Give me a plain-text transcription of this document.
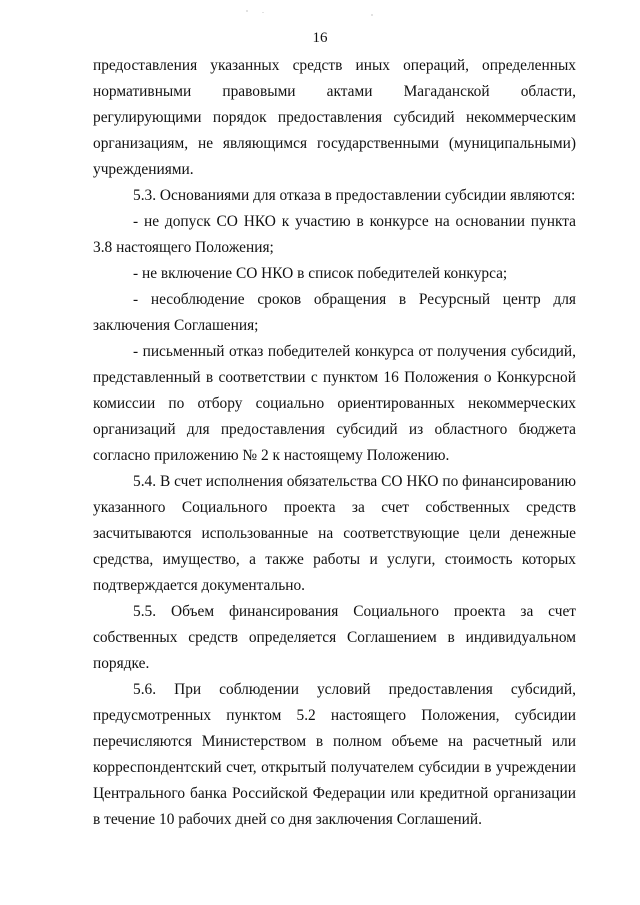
16

предоставления указанных средств иных операций, определенных нормативными правовыми актами Магаданской области, регулирующими порядок предоставления субсидий некоммерческим организациям, не являющимся государственными (муниципальными) учреждениями.

5.3. Основаниями для отказа в предоставлении субсидии являются:

- не допуск СО НКО к участию в конкурсе на основании пункта 3.8 настоящего Положения;

- не включение СО НКО в список победителей конкурса;

- несоблюдение сроков обращения в Ресурсный центр для заключения Соглашения;

- письменный отказ победителей конкурса от получения субсидий, представленный в соответствии с пунктом 16 Положения о Конкурсной комиссии по отбору социально ориентированных некоммерческих организаций для предоставления субсидий из областного бюджета согласно приложению № 2 к настоящему Положению.

5.4. В счет исполнения обязательства СО НКО по финансированию указанного Социального проекта за счет собственных средств засчитываются использованные на соответствующие цели денежные средства, имущество, а также работы и услуги, стоимость которых подтверждается документально.

5.5. Объем финансирования Социального проекта за счет собственных средств определяется Соглашением в индивидуальном порядке.

5.6. При соблюдении условий предоставления субсидий, предусмотренных пунктом 5.2 настоящего Положения, субсидии перечисляются Министерством в полном объеме на расчетный или корреспондентский счет, открытый получателем субсидии в учреждении Центрального банка Российской Федерации или кредитной организации в течение 10 рабочих дней со дня заключения Соглашений.
